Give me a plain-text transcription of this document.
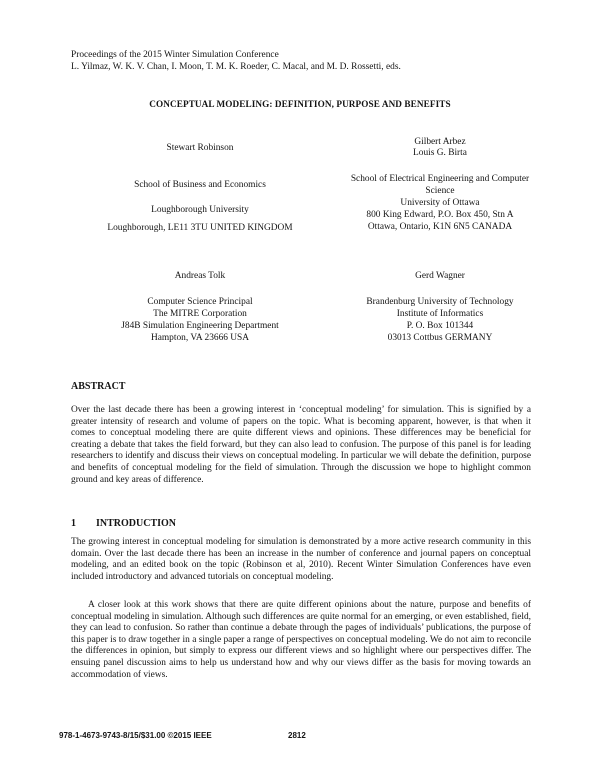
Proceedings of the 2015 Winter Simulation Conference
L. Yilmaz, W. K. V. Chan, I. Moon, T. M. K. Roeder, C. Macal, and M. D. Rossetti, eds.
CONCEPTUAL MODELING: DEFINITION, PURPOSE AND BENEFITS
Stewart Robinson
School of Business and Economics
Loughborough University
Loughborough, LE11 3TU UNITED KINGDOM
Gilbert Arbez
Louis G. Birta
School of Electrical Engineering and Computer
Science
University of Ottawa
800 King Edward, P.O. Box 450, Stn A
Ottawa, Ontario, K1N 6N5 CANADA
Andreas Tolk
Computer Science Principal
The MITRE Corporation
J84B Simulation Engineering Department
Hampton, VA 23666 USA
Gerd Wagner
Brandenburg University of Technology
Institute of Informatics
P. O. Box 101344
03013 Cottbus GERMANY
ABSTRACT

Over the last decade there has been a growing interest in ‘conceptual modeling’ for simulation. This is signified by a greater intensity of research and volume of papers on the topic. What is becoming apparent, however, is that when it comes to conceptual modeling there are quite different views and opinions. These differences may be beneficial for creating a debate that takes the field forward, but they can also lead to confusion. The purpose of this panel is for leading researchers to identify and discuss their views on conceptual modeling. In particular we will debate the definition, purpose and benefits of conceptual modeling for the field of simulation. Through the discussion we hope to highlight common ground and key areas of difference.

1 INTRODUCTION

The growing interest in conceptual modeling for simulation is demonstrated by a more active research community in this domain. Over the last decade there has been an increase in the number of conference and journal papers on conceptual modeling, and an edited book on the topic (Robinson et al, 2010). Recent Winter Simulation Conferences have even included introductory and advanced tutorials on conceptual modeling.

A closer look at this work shows that there are quite different opinions about the nature, purpose and benefits of conceptual modeling in simulation. Although such differences are quite normal for an emerging, or even established, field, they can lead to confusion. So rather than continue a debate through the pages of individuals’ publications, the purpose of this paper is to draw together in a single paper a range of perspectives on conceptual modeling. We do not aim to reconcile the differences in opinion, but simply to express our different views and so highlight where our perspectives differ. The ensuing panel discussion aims to help us understand how and why our views differ as the basis for moving towards an accommodation of views.

978-1-4673-9743-8/15/$31.00 ©2015 IEEE	2812
